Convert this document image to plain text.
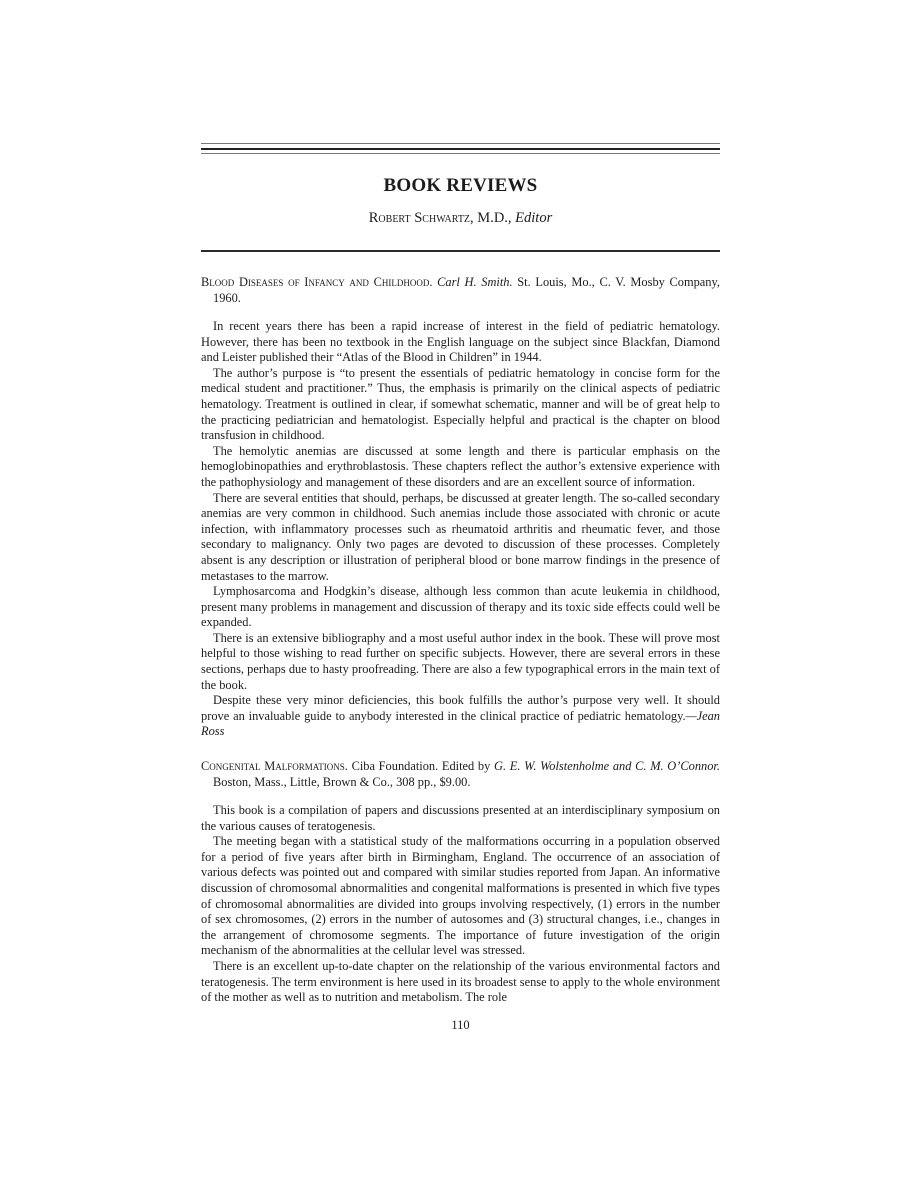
BOOK REVIEWS
Robert Schwartz, M.D., Editor

Blood Diseases of Infancy and Childhood. Carl H. Smith. St. Louis, Mo., C. V. Mosby Company, 1960.

In recent years there has been a rapid increase of interest in the field of pediatric hematology. However, there has been no textbook in the English language on the subject since Blackfan, Diamond and Leister published their “Atlas of the Blood in Children” in 1944.

The author’s purpose is “to present the essentials of pediatric hematology in concise form for the medical student and practitioner.” Thus, the emphasis is primarily on the clinical aspects of pediatric hematology. Treatment is outlined in clear, if somewhat schematic, manner and will be of great help to the practicing pediatrician and hematologist. Especially helpful and practical is the chapter on blood transfusion in childhood.

The hemolytic anemias are discussed at some length and there is particular emphasis on the hemoglobinopathies and erythroblastosis. These chapters reflect the author’s extensive experience with the pathophysiology and management of these disorders and are an excellent source of information.

There are several entities that should, perhaps, be discussed at greater length. The so-called secondary anemias are very common in childhood. Such anemias include those associated with chronic or acute infection, with inflammatory processes such as rheumatoid arthritis and rheumatic fever, and those secondary to malignancy. Only two pages are devoted to discussion of these processes. Completely absent is any description or illustration of peripheral blood or bone marrow findings in the presence of metastases to the marrow.

Lymphosarcoma and Hodgkin’s disease, although less common than acute leukemia in childhood, present many problems in management and discussion of therapy and its toxic side effects could well be expanded.

There is an extensive bibliography and a most useful author index in the book. These will prove most helpful to those wishing to read further on specific subjects. However, there are several errors in these sections, perhaps due to hasty proofreading. There are also a few typographical errors in the main text of the book.

Despite these very minor deficiencies, this book fulfills the author’s purpose very well. It should prove an invaluable guide to anybody interested in the clinical practice of pediatric hematology.—Jean Ross

Congenital Malformations. Ciba Foundation. Edited by G. E. W. Wolstenholme and C. M. O’Connor. Boston, Mass., Little, Brown & Co., 308 pp., $9.00.

This book is a compilation of papers and discussions presented at an interdisciplinary symposium on the various causes of teratogenesis.

The meeting began with a statistical study of the malformations occurring in a population observed for a period of five years after birth in Birmingham, England. The occurrence of an association of various defects was pointed out and compared with similar studies reported from Japan. An informative discussion of chromosomal abnormalities and congenital malformations is presented in which five types of chromosomal abnormalities are divided into groups involving respectively, (1) errors in the number of sex chromosomes, (2) errors in the number of autosomes and (3) structural changes, i.e., changes in the arrangement of chromosome segments. The importance of future investigation of the origin mechanism of the abnormalities at the cellular level was stressed.

There is an excellent up-to-date chapter on the relationship of the various environmental factors and teratogenesis. The term environment is here used in its broadest sense to apply to the whole environment of the mother as well as to nutrition and metabolism. The role

110
